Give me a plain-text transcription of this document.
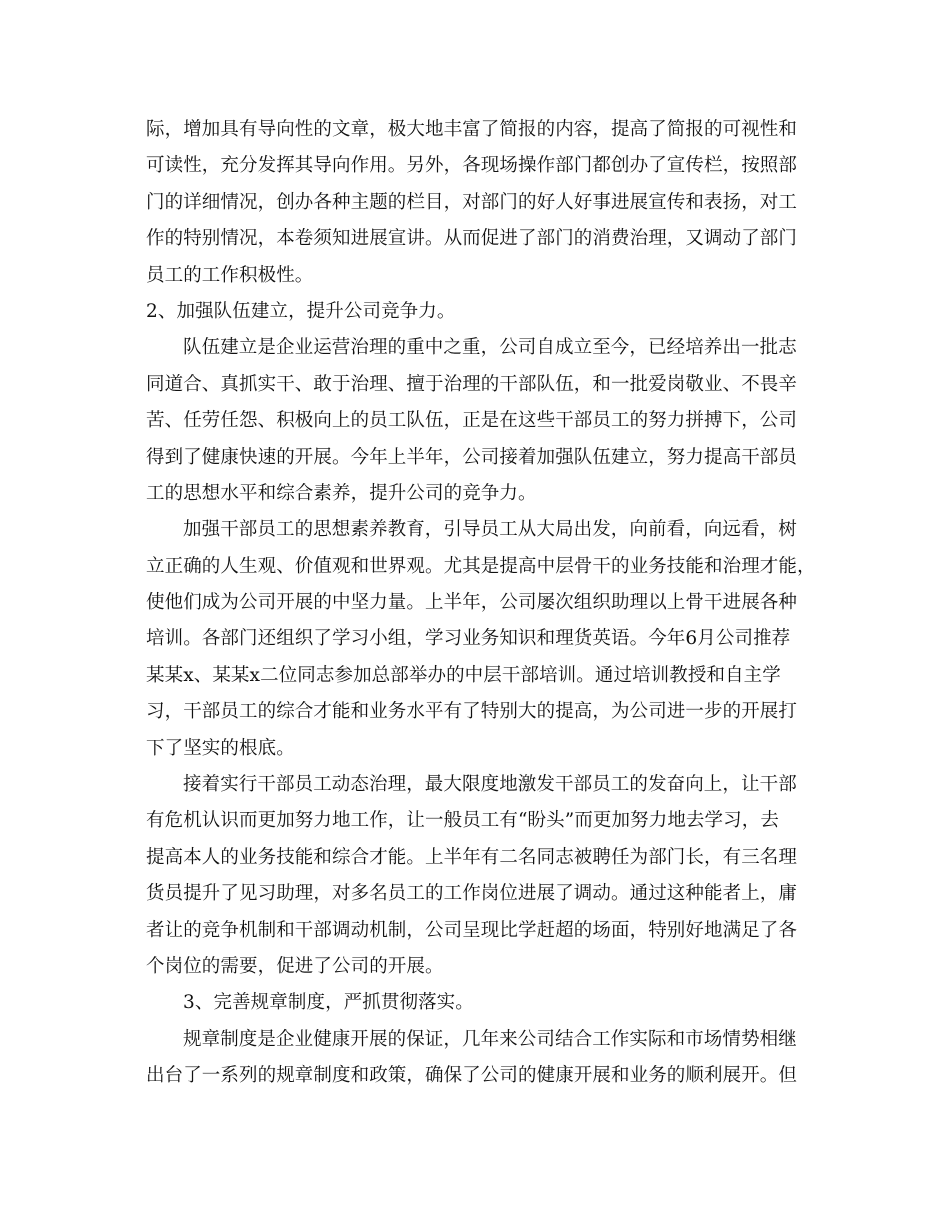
际，增加具有导向性的文章，极大地丰富了简报的内容，提高了简报的可视性和
可读性，充分发挥其导向作用。另外，各现场操作部门都创办了宣传栏，按照部
门的详细情况，创办各种主题的栏目，对部门的好人好事进展宣传和表扬，对工
作的特别情况，本卷须知进展宣讲。从而促进了部门的消费治理，又调动了部门
员工的工作积极性。
2、加强队伍建立，提升公司竞争力。
队伍建立是企业运营治理的重中之重，公司自成立至今，已经培养出一批志
同道合、真抓实干、敢于治理、擅于治理的干部队伍，和一批爱岗敬业、不畏辛
苦、任劳任怨、积极向上的员工队伍，正是在这些干部员工的努力拼搏下，公司
得到了健康快速的开展。今年上半年，公司接着加强队伍建立，努力提高干部员
工的思想水平和综合素养，提升公司的竞争力。
加强干部员工的思想素养教育，引导员工从大局出发，向前看，向远看，树
立正确的人生观、价值观和世界观。尤其是提高中层骨干的业务技能和治理才能，
使他们成为公司开展的中坚力量。上半年，公司屡次组织助理以上骨干进展各种
培训。各部门还组织了学习小组，学习业务知识和理货英语。今年6月公司推荐
某某x、某某x二位同志参加总部举办的中层干部培训。通过培训教授和自主学
习，干部员工的综合才能和业务水平有了特别大的提高，为公司进一步的开展打
下了坚实的根底。
接着实行干部员工动态治理，最大限度地激发干部员工的发奋向上，让干部
有危机认识而更加努力地工作，让一般员工有“盼头”而更加努力地去学习，去
提高本人的业务技能和综合才能。上半年有二名同志被聘任为部门长，有三名理
货员提升了见习助理，对多名员工的工作岗位进展了调动。通过这种能者上，庸
者让的竞争机制和干部调动机制，公司呈现比学赶超的场面，特别好地满足了各
个岗位的需要，促进了公司的开展。
3、完善规章制度，严抓贯彻落实。
规章制度是企业健康开展的保证，几年来公司结合工作实际和市场情势相继
出台了一系列的规章制度和政策，确保了公司的健康开展和业务的顺利展开。但
